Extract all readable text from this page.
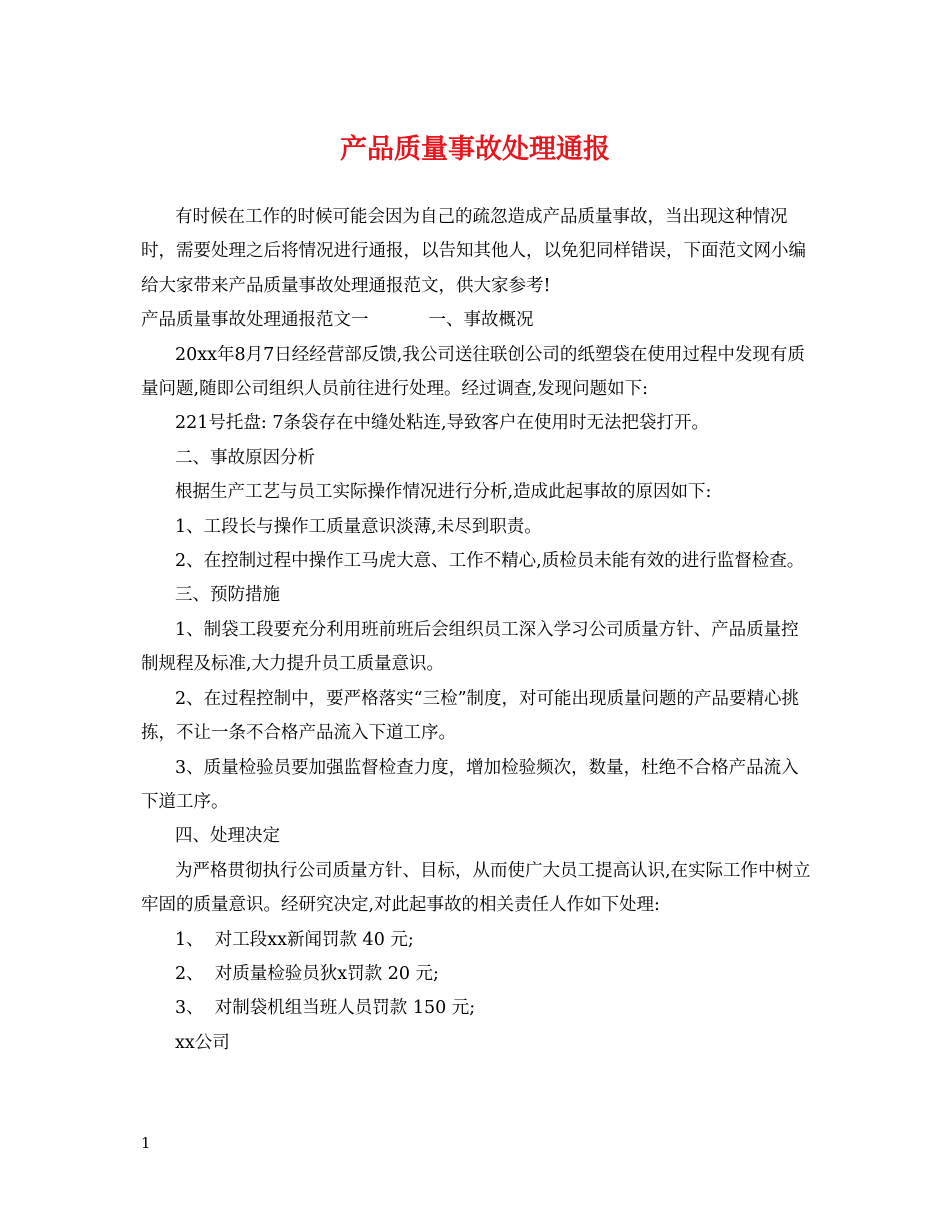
产品质量事故处理通报

有时候在工作的时候可能会因为自己的疏忽造成产品质量事故，当出现这种情况时，需要处理之后将情况进行通报，以告知其他人，以免犯同样错误，下面范文网小编给大家带来产品质量事故处理通报范文，供大家参考!

产品质量事故处理通报范文一	一、事故概况

20xx年8月7日经经营部反馈,我公司送往联创公司的纸塑袋在使用过程中发现有质量问题,随即公司组织人员前往进行处理。经过调查,发现问题如下:

221号托盘: 7条袋存在中缝处粘连,导致客户在使用时无法把袋打开。

二、事故原因分析

根据生产工艺与员工实际操作情况进行分析,造成此起事故的原因如下:

1、工段长与操作工质量意识淡薄,未尽到职责。

2、在控制过程中操作工马虎大意、工作不精心,质检员未能有效的进行监督检查。

三、预防措施

1、制袋工段要充分利用班前班后会组织员工深入学习公司质量方针、产品质量控制规程及标准,大力提升员工质量意识。

2、在过程控制中，要严格落实“三检”制度，对可能出现质量问题的产品要精心挑拣，不让一条不合格产品流入下道工序。

3、质量检验员要加强监督检查力度，增加检验频次，数量，杜绝不合格产品流入下道工序。

四、处理决定

为严格贯彻执行公司质量方针、目标，从而使广大员工提高认识,在实际工作中树立牢固的质量意识。经研究决定,对此起事故的相关责任人作如下处理:

1、  对工段xx新闻罚款 40 元;

2、  对质量检验员狄x罚款 20 元;

3、  对制袋机组当班人员罚款 150 元;

xx公司

1
